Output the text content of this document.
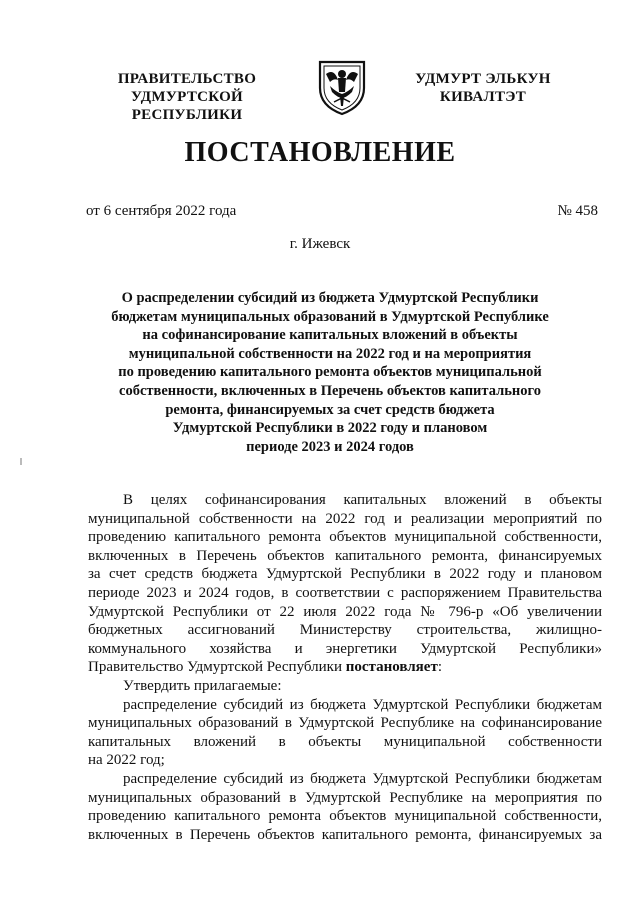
ПРАВИТЕЛЬСТВО
УДМУРТСКОЙ РЕСПУБЛИКИ
УДМУРТ ЭЛЬКУН
КИВАЛТЭТ
ПОСТАНОВЛЕНИЕ
от 6 сентября 2022 года	№ 458
г. Ижевск
О распределении субсидий из бюджета Удмуртской Республики
бюджетам муниципальных образований в Удмуртской Республике
на софинансирование капитальных вложений в объекты
муниципальной собственности на 2022 год и на мероприятия
по проведению капитального ремонта объектов муниципальной
собственности, включенных в Перечень объектов капитального
ремонта, финансируемых за счет средств бюджета
Удмуртской Республики в 2022 году и плановом
периоде 2023 и 2024 годов
В целях софинансирования капитальных вложений в объекты
муниципальной собственности на 2022 год и реализации мероприятий по
проведению капитального ремонта объектов муниципальной собственности,
включенных в Перечень объектов капитального ремонта, финансируемых
за счет средств бюджета Удмуртской Республики в 2022 году и плановом
периоде 2023 и 2024 годов, в соответствии с распоряжением Правительства
Удмуртской Республики от 22 июля 2022 года № 796-р «Об увеличении
бюджетных ассигнований Министерству строительства, жилищно-
коммунального хозяйства и энергетики Удмуртской Республики»
Правительство Удмуртской Республики постановляет:
Утвердить прилагаемые:
распределение субсидий из бюджета Удмуртской Республики бюджетам
муниципальных образований в Удмуртской Республике на софинансирование
капитальных вложений в объекты муниципальной собственности
на 2022 год;
распределение субсидий из бюджета Удмуртской Республики бюджетам
муниципальных образований в Удмуртской Республике на мероприятия по
проведению капитального ремонта объектов муниципальной собственности,
включенных в Перечень объектов капитального ремонта, финансируемых за
